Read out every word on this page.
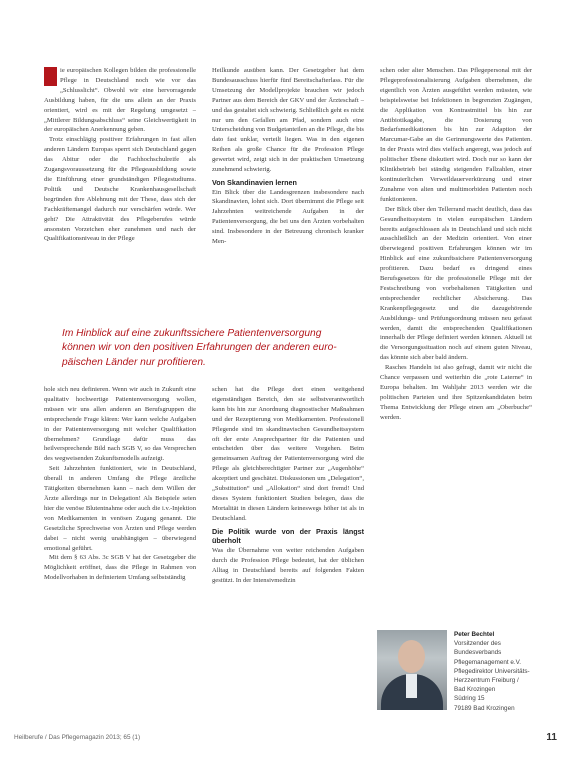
ie europäischen Kollegen bilden die professionelle Pflege in Deutschland noch wie vor das „Schlusslicht“. Obwohl wir eine hervorragende Ausbildung haben, für die uns allein an der Praxis orientiert, wird es mit der Regelung umgesetzt – „Mittlerer Bildungsabschluss“ seine Gleichwertigkeit in der europäischen Anerkennung geben.

Trotz einschlägig positiver Erfahrungen in fast allen anderen Ländern Europas sperrt sich Deutschland gegen das Abitur oder die Fachhochschulreife als Zugangsvoraussetzung für die Pflegeausbildung sowie die Einführung einer grundständigen Pflegestudiums. Politik und Deutsche Krankenhausgesellschaft begründen ihre Ablehnung mit der These, dass sich der Fachkräftemangel dadurch nur verschärfen würde. Wer geht? Die Attraktivität des Pflegeberufes würde ansonsten Vorzeichen eher zunehmen und nach der Qualifikationsniveau in der Pflege

Heilkunde ausüben kann. Der Gesetzgeber hat dem Bundesausschuss hierfür fünf Bereitschafterlass. Für die Umsetzung der Modellprojekte brauchen wir jedoch Partner aus dem Bereich der GKV und der Ärzteschaft – und das gestaltet sich schwierig. Schließlich geht es nicht nur um den Gefallen am Pfad, sondern auch eine Unterscheidung von Budgetanteilen an die Pflege, die bis dato fast unklar, verteilt liegen. Was in den eigenen Reihen als große Chance für die Profession Pflege gewertet wird, zeigt sich in der praktischen Umsetzung zunehmend schwierig.

Von Skandinavien lernen

Ein Blick über die Landesgrenzen insbesondere nach Skandinavien, lohnt sich. Dort übernimmt die Pflege seit Jahrzehnten weitreichende Aufgaben in der Patientenversorgung, die bei uns den Ärzten vorbehalten sind. Insbesondere in der Betreuung chronisch kranker Men-

schen oder alter Menschen. Das Pflegepersonal mit der Pflegeprofessionalisierung Aufgaben übernehmen, die eigentlich von Ärzten ausgeführt werden müssten, wie beispielsweise bei Infektionen in begrenzten Zugängen, die Applikation von Kontrastmittel bis hin zur Antibiotikagabe, die Dosierung von Bedarfsmedikationen bis hin zur Adaption der Marcumar-Gabe an die Gerinnungswerte des Patienten. In der Praxis wird dies vielfach angeregt, was jedoch auf politischer Ebene diskutiert wird. Doch nur so kann der Klinikbetrieb bei ständig steigenden Fallzahlen, einer kontinuierlichen Verweildauerverkürzung und einer Zunahme von alten und multimorbiden Patienten noch funktionieren.

Der Blick über den Tellerrand macht deutlich, dass das Gesundheitssystem in vielen europäischen Ländern bereits aufgeschlossen als in Deutschland und sich nicht ausschließlich an der Medizin orientiert. Von einer überwiegend positiven Erfahrungen können wir im Hinblick auf eine zukunftssichere Patientenversorgung profitieren. Dazu bedarf es dringend eines Berufsgesetzes für die professionelle Pflege mit der Festschreibung von vorbehaltenen Tätigkeiten und entsprechender rechtlicher Absicherung. Das Krankenpflegegesetz und die dazugehörende Ausbildungs- und Prüfungsordnung müssen neu gefasst werden, damit die entsprechenden Qualifikationen innerhalb der Pflege definiert werden können. Aktuell ist die Versorgungssituation noch auf einem guten Niveau, das könnte sich aber bald ändern.

Rasches Handeln ist also gefragt, damit wir nicht die Chance verpassen und weiterhin die „rote Laterne“ in Europa behalten. Im Wahljahr 2013 werden wir die politischen Parteien und ihre Spitzenkandidaten beim Thema Entwicklung der Pflege einen am „Oberbuche“ werden.

Im Hinblick auf eine zukunftssichere Patientenversorgung
können wir von den positiven Erfahrungen der anderen euro-
päischen Länder nur profitieren.

hole sich neu definieren. Wenn wir auch in Zukunft eine qualitativ hochwertige Patientenversorgung wollen, müssen wir uns allen anderen an Berufsgruppen die entsprechende Frage klären: Wer kann welche Aufgaben in der Patientenversorgung mit welcher Qualifikation übernehmen? Grundlage dafür muss das heilversprechende Bild nach SGB V, so das Versprechen des wegweisenden Zukunftsmodells aufzeigt.

Seit Jahrzehnten funktioniert, wie in Deutschland, überall in anderen Umfang die Pflege ärztliche Tätigkeiten übernehmen kann – nach dem Willen der Ärzte allerdings nur in Delegation! Als Beispiele seien hier die venöse Blutentnahme oder auch die i.v.-Injektion von Medikamenten in venösen Zugang genannt. Die Gesetzliche Sprechweise von Ärzten und Pflege werden dabei – nicht wenig unabhängigen – überwiegend emotional geführt.

Mit dem § 63 Abs. 3c SGB V hat der Gesetzgeber die Möglichkeit eröffnet, dass die Pflege in Rahmen von Modellvorhaben in definiertem Umfang selbstständig

schen hat die Pflege dort einen weitgehend eigenständigen Bereich, den sie selbstverantwortlich kann bis hin zur Anordnung diagnostischer Maßnahmen und der Rezeptierung von Medikamenten. Professionell Pflegende sind im skandinavischen Gesundheitssystem oft der erste Ansprechpartner für die Patienten und entscheiden über das weitere Vorgehen. Beim gemeinsamen Auftrag der Patientenversorgung wird die Pflege als gleichberechtigter Partner zur „Augenhöhe“ akzeptiert und geschätzt. Diskussionen um „Delegation“, „Substitution“ und „Allokation“ sind dort fremd! Und dieses System funktioniert Studien belegen, dass die Mortalität in diesen Ländern keineswegs höher ist als in Deutschland.

Die Politik wurde von der Praxis längst überholt

Was die Übernahme von weiter reichenden Aufgaben durch die Profession Pflege bedeutet, hat der üblichen Alltag in Deutschland bereits auf folgenden Fakten gestützt. In der Intensivmedizin

Peter Bechtel
Vorsitzender des Bundesverbands Pflegemanagement e.V.
Pflegedirektor Universitäts-Herzzentrum Freiburg / Bad Krozingen
Südring 15
79189 Bad Krozingen
Heilberufe / Das Pflegemagazin 2013; 65 (1)	11
